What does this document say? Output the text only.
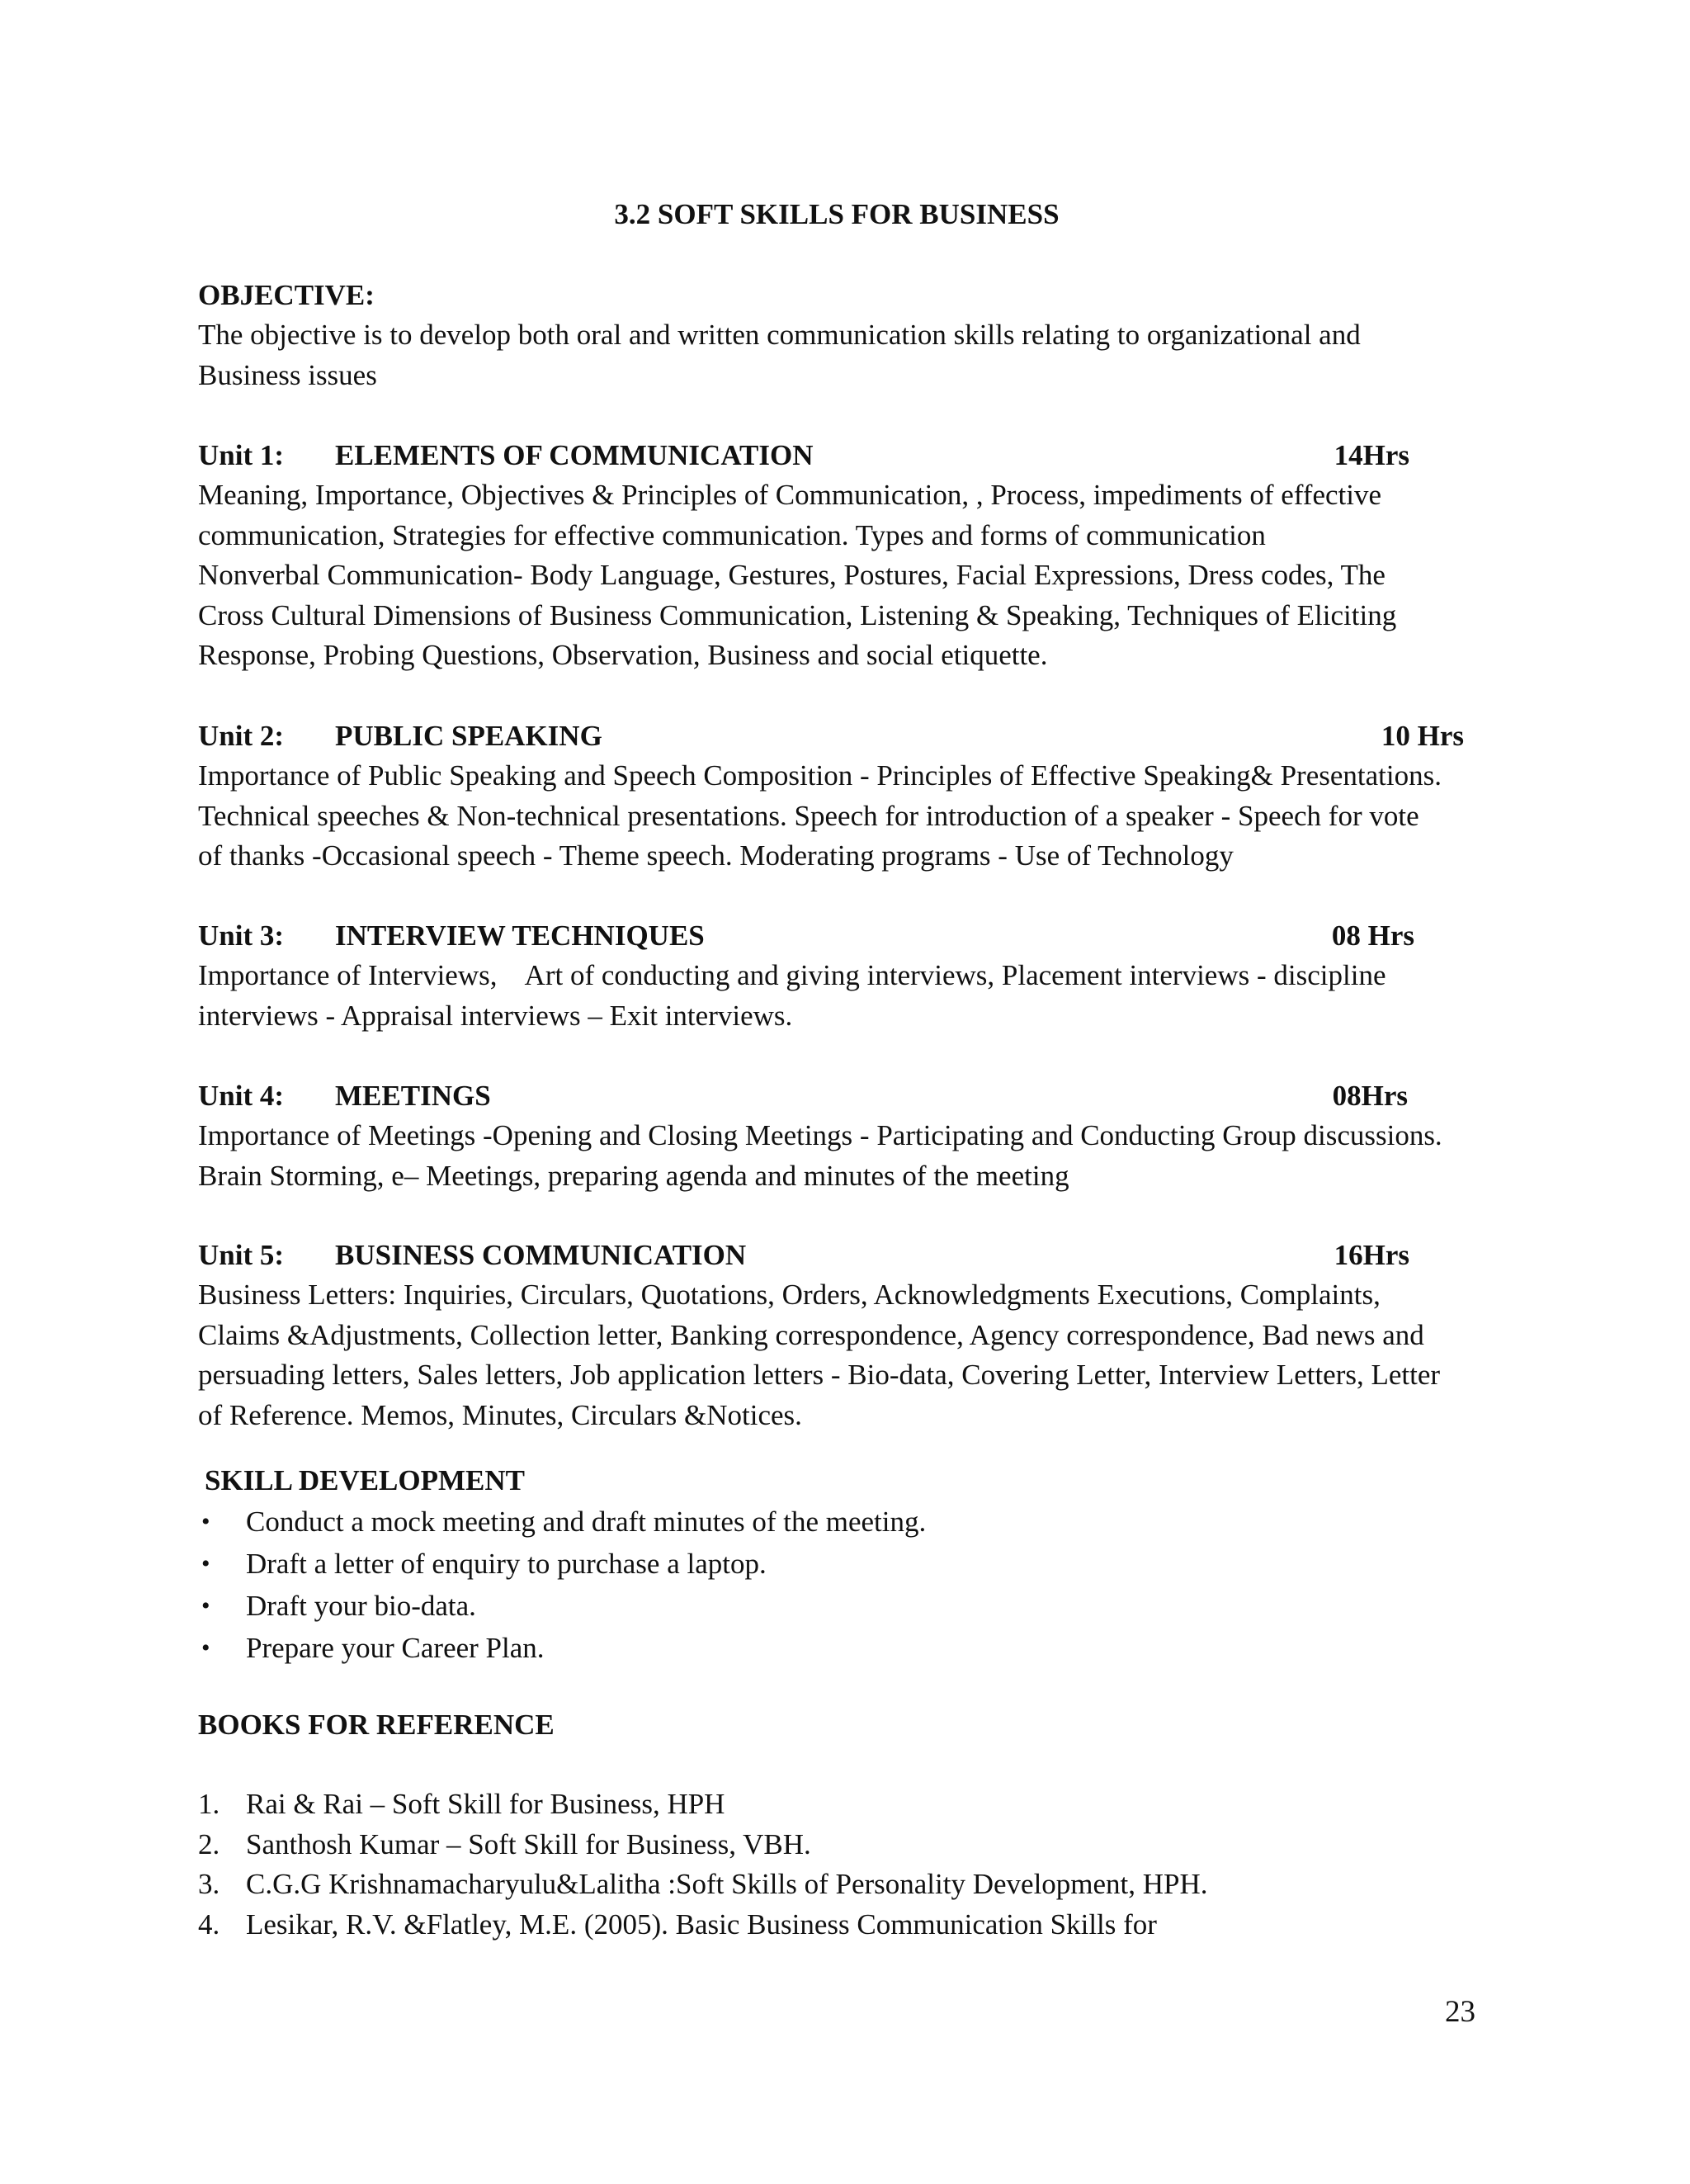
3.2 SOFT SKILLS FOR BUSINESS
OBJECTIVE:
The objective is to develop both oral and written communication skills relating to organizational and
Business issues
Unit 1: ELEMENTS OF COMMUNICATION	14Hrs
Meaning, Importance, Objectives & Principles of Communication, , Process, impediments of effective
communication, Strategies for effective communication. Types and forms of communication
Nonverbal Communication- Body Language, Gestures, Postures, Facial Expressions, Dress codes, The
Cross Cultural Dimensions of Business Communication, Listening & Speaking, Techniques of Eliciting
Response, Probing Questions, Observation, Business and social etiquette.
Unit 2: PUBLIC SPEAKING	10 Hrs
Importance of Public Speaking and Speech Composition - Principles of Effective Speaking& Presentations.
Technical speeches & Non-technical presentations. Speech for introduction of a speaker - Speech for vote
of thanks -Occasional speech - Theme speech. Moderating programs - Use of Technology
Unit 3: INTERVIEW TECHNIQUES	08 Hrs
Importance of Interviews,    Art of conducting and giving interviews, Placement interviews - discipline
interviews - Appraisal interviews – Exit interviews.
Unit 4: MEETINGS	08Hrs
Importance of Meetings -Opening and Closing Meetings - Participating and Conducting Group discussions.
Brain Storming, e– Meetings, preparing agenda and minutes of the meeting
Unit 5: BUSINESS COMMUNICATION	16Hrs
Business Letters: Inquiries, Circulars, Quotations, Orders, Acknowledgments Executions, Complaints,
Claims &Adjustments, Collection letter, Banking correspondence, Agency correspondence, Bad news and
persuading letters, Sales letters, Job application letters - Bio-data, Covering Letter, Interview Letters, Letter
of Reference. Memos, Minutes, Circulars &Notices.
SKILL DEVELOPMENT
• Conduct a mock meeting and draft minutes of the meeting.
• Draft a letter of enquiry to purchase a laptop.
• Draft your bio-data.
• Prepare your Career Plan.
BOOKS FOR REFERENCE
1. Rai & Rai – Soft Skill for Business, HPH
2. Santhosh Kumar – Soft Skill for Business, VBH.
3. C.G.G Krishnamacharyulu&Lalitha :Soft Skills of Personality Development, HPH.
4. Lesikar, R.V. &Flatley, M.E. (2005). Basic Business Communication Skills for
23
